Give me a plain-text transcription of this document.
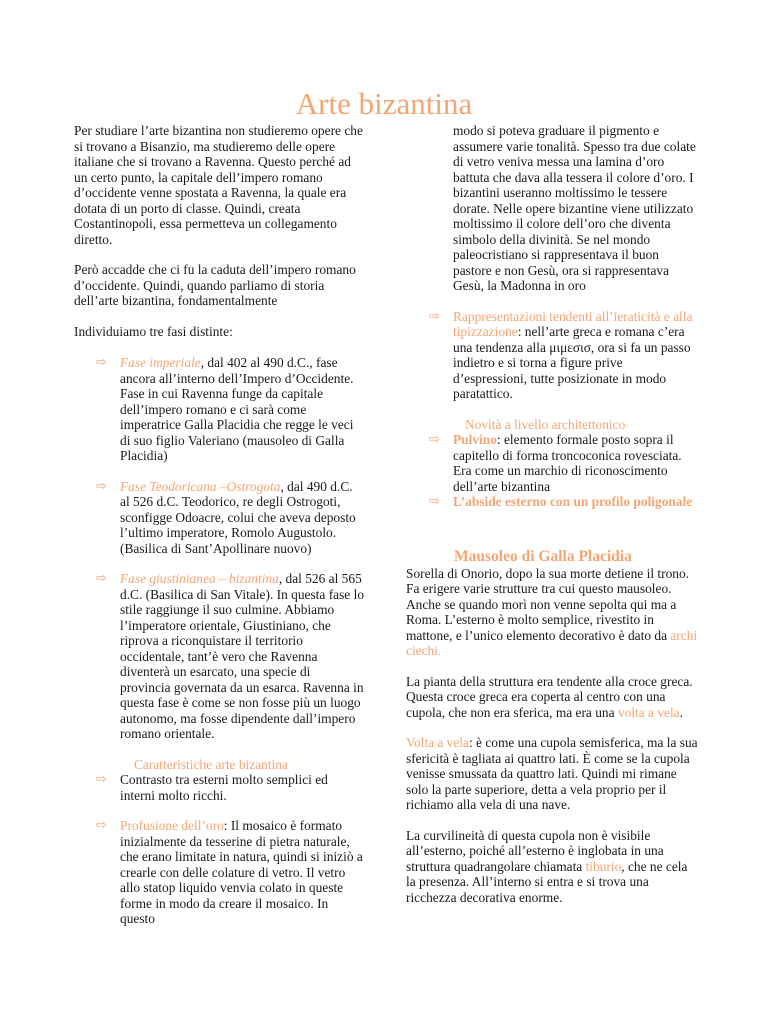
Arte bizantina

Per studiare l’arte bizantina non studieremo opere che si trovano a Bisanzio, ma studieremo delle opere italiane che si trovano a Ravenna. Questo perché ad un certo punto, la capitale dell’impero romano d’occidente venne spostata a Ravenna, la quale era dotata di un porto di classe. Quindi, creata Costantinopoli, essa permetteva un collegamento diretto.

Però accadde che ci fu la caduta dell’impero romano d’occidente. Quindi, quando parliamo di storia dell’arte bizantina, fondamentalmente

Individuiamo tre fasi distinte:

⇨ Fase imperiale, dal 402 al 490 d.C., fase ancora all’interno dell’Impero d’Occidente. Fase in cui Ravenna funge da capitale dell’impero romano e ci sarà come imperatrice Galla Placidia che regge le veci di suo figlio Valeriano (mausoleo di Galla Placidia)
⇨ Fase Teodoricana –Ostrogota, dal 490 d.C. al 526 d.C. Teodorico, re degli Ostrogoti, sconfigge Odoacre, colui che aveva deposto l’ultimo imperatore, Romolo Augustolo. (Basilica di Sant’Apollinare nuovo)
⇨ Fase giustinianea – bizantina, dal 526 al 565 d.C. (Basilica di San Vitale). In questa fase lo stile raggiunge il suo culmine. Abbiamo l’imperatore orientale, Giustiniano, che riprova a riconquistare il territorio occidentale, tant’è vero che Ravenna diventerà un esarcato, una specie di provincia governata da un esarca. Ravenna in questa fase è come se non fosse più un luogo autonomo, ma fosse dipendente dall’impero romano orientale.

Caratteristiche arte bizantina

⇨ Contrasto tra esterni molto semplici ed interni molto ricchi.
⇨ Profusione dell’oro: Il mosaico è formato inizialmente da tesserine di pietra naturale, che erano limitate in natura, quindi si iniziò a crearle con delle colature di vetro. Il vetro allo statop liquido venvia colato in queste forme in modo da creare il mosaico. In questo

modo si poteva graduare il pigmento e assumere varie tonalità. Spesso tra due colate di vetro veniva messa una lamina d’oro battuta che dava alla tessera il colore d’oro. I bizantini useranno moltissimo le tessere dorate. Nelle opere bizantine viene utilizzato moltissimo il colore dell’oro che diventa simbolo della divinità. Se nel mondo paleocristiano si rappresentava il buon pastore e non Gesù, ora si rappresentava Gesù, la Madonna in oro

⇨ Rappresentazioni tendenti all’ieraticità e alla tipizzazione: nell’arte greca e romana c’era una tendenza alla μιμεσισ, ora si fa un passo indietro e si torna a figure prive d’espressioni, tutte posizionate in modo paratattico.

Novità a livello architettonico

⇨ Pulvino: elemento formale posto sopra il capitello di forma troncoconica rovesciata. Era come un marchio di riconoscimento dell’arte bizantina
⇨ L’abside esterno con un profilo poligonale

Mausoleo di Galla Placidia

Sorella di Onorio, dopo la sua morte detiene il trono. Fa erigere varie strutture tra cui questo mausoleo. Anche se quando morì non venne sepolta qui ma a Roma. L’esterno è molto semplice, rivestito in mattone, e l’unico elemento decorativo è dato da archi ciechi.

La pianta della struttura era tendente alla croce greca. Questa croce greca era coperta al centro con una cupola, che non era sferica, ma era una volta a vela.

Volta a vela: è come una cupola semisferica, ma la sua sfericità è tagliata ai quattro lati. È come se la cupola venisse smussata da quattro lati. Quindi mi rimane solo la parte superiore, detta a vela proprio per il richiamo alla vela di una nave.

La curvilineità di questa cupola non è visibile all’esterno, poiché all’esterno è inglobata in una struttura quadrangolare chiamata tiburio, che ne cela la presenza. All’interno si entra e si trova una ricchezza decorativa enorme.
